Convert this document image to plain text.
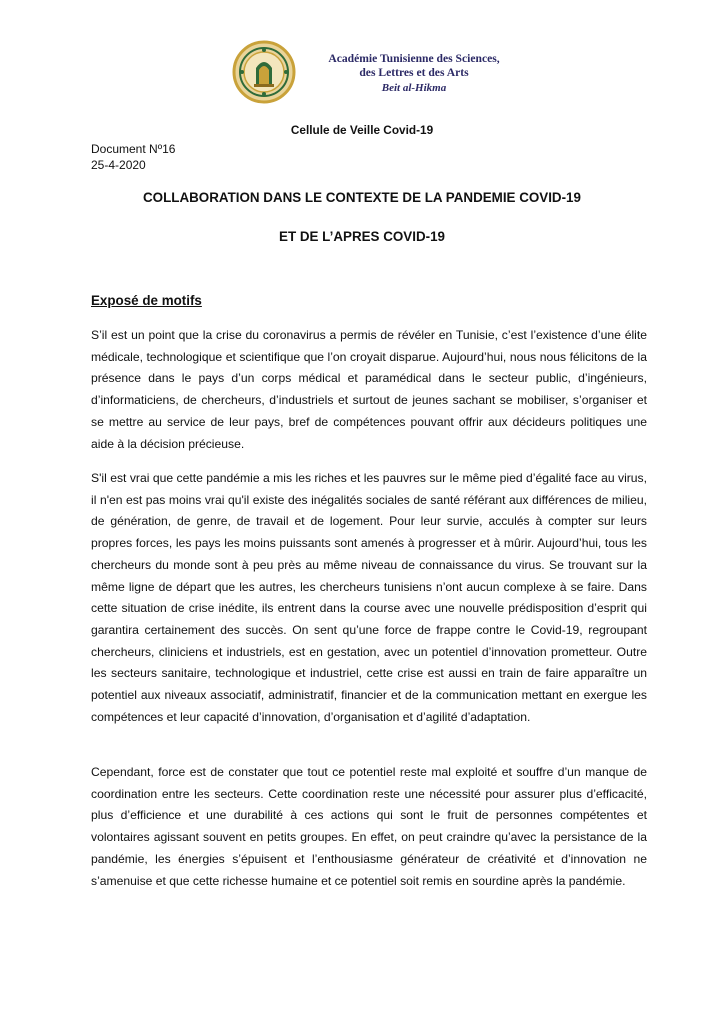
Académie Tunisienne des Sciences,
des Lettres et des Arts
Beit al-Hikma
Cellule de Veille Covid-19
Document Nº16
25-4-2020
COLLABORATION DANS LE CONTEXTE DE LA PANDEMIE COVID-19
ET DE L’APRES COVID-19
Exposé de motifs

S’il est un point que la crise du coronavirus a permis de révéler en Tunisie, c’est l’existence d’une élite médicale, technologique et scientifique que l’on croyait disparue. Aujourd’hui, nous nous félicitons de la présence dans le pays d’un corps médical et paramédical dans le secteur public, d’ingénieurs, d’informaticiens, de chercheurs, d’industriels et surtout de jeunes sachant se mobiliser, s’organiser et se mettre au service de leur pays, bref de compétences pouvant offrir aux décideurs politiques une aide à la décision précieuse.

S'il est vrai que cette pandémie a mis les riches et les pauvres sur le même pied d’égalité face au virus, il n'en est pas moins vrai qu'il existe des inégalités sociales de santé référant aux différences de milieu, de génération, de genre, de travail et de logement. Pour leur survie, acculés à compter sur leurs propres forces, les pays les moins puissants sont amenés à progresser et à mûrir. Aujourd’hui, tous les chercheurs du monde sont à peu près au même niveau de connaissance du virus. Se trouvant sur la même ligne de départ que les autres, les chercheurs tunisiens n’ont aucun complexe à se faire. Dans cette situation de crise inédite, ils entrent dans la course avec une nouvelle prédisposition d’esprit qui garantira certainement des succès. On sent qu’une force de frappe contre le Covid-19, regroupant chercheurs, cliniciens et industriels, est en gestation, avec un potentiel d’innovation prometteur. Outre les secteurs sanitaire, technologique et industriel, cette crise est aussi en train de faire apparaître un potentiel aux niveaux associatif, administratif, financier et de la communication mettant en exergue les compétences et leur capacité d’innovation, d’organisation et d’agilité d’adaptation.

Cependant, force est de constater que tout ce potentiel reste mal exploité et souffre d’un manque de coordination entre les secteurs. Cette coordination reste une nécessité pour assurer plus d’efficacité, plus d’efficience et une durabilité à ces actions qui sont le fruit de personnes compétentes et volontaires agissant souvent en petits groupes. En effet, on peut craindre qu’avec la persistance de la pandémie, les énergies s’épuisent et l’enthousiasme générateur de créativité et d’innovation ne s’amenuise et que cette richesse humaine et ce potentiel soit remis en sourdine après la pandémie.
